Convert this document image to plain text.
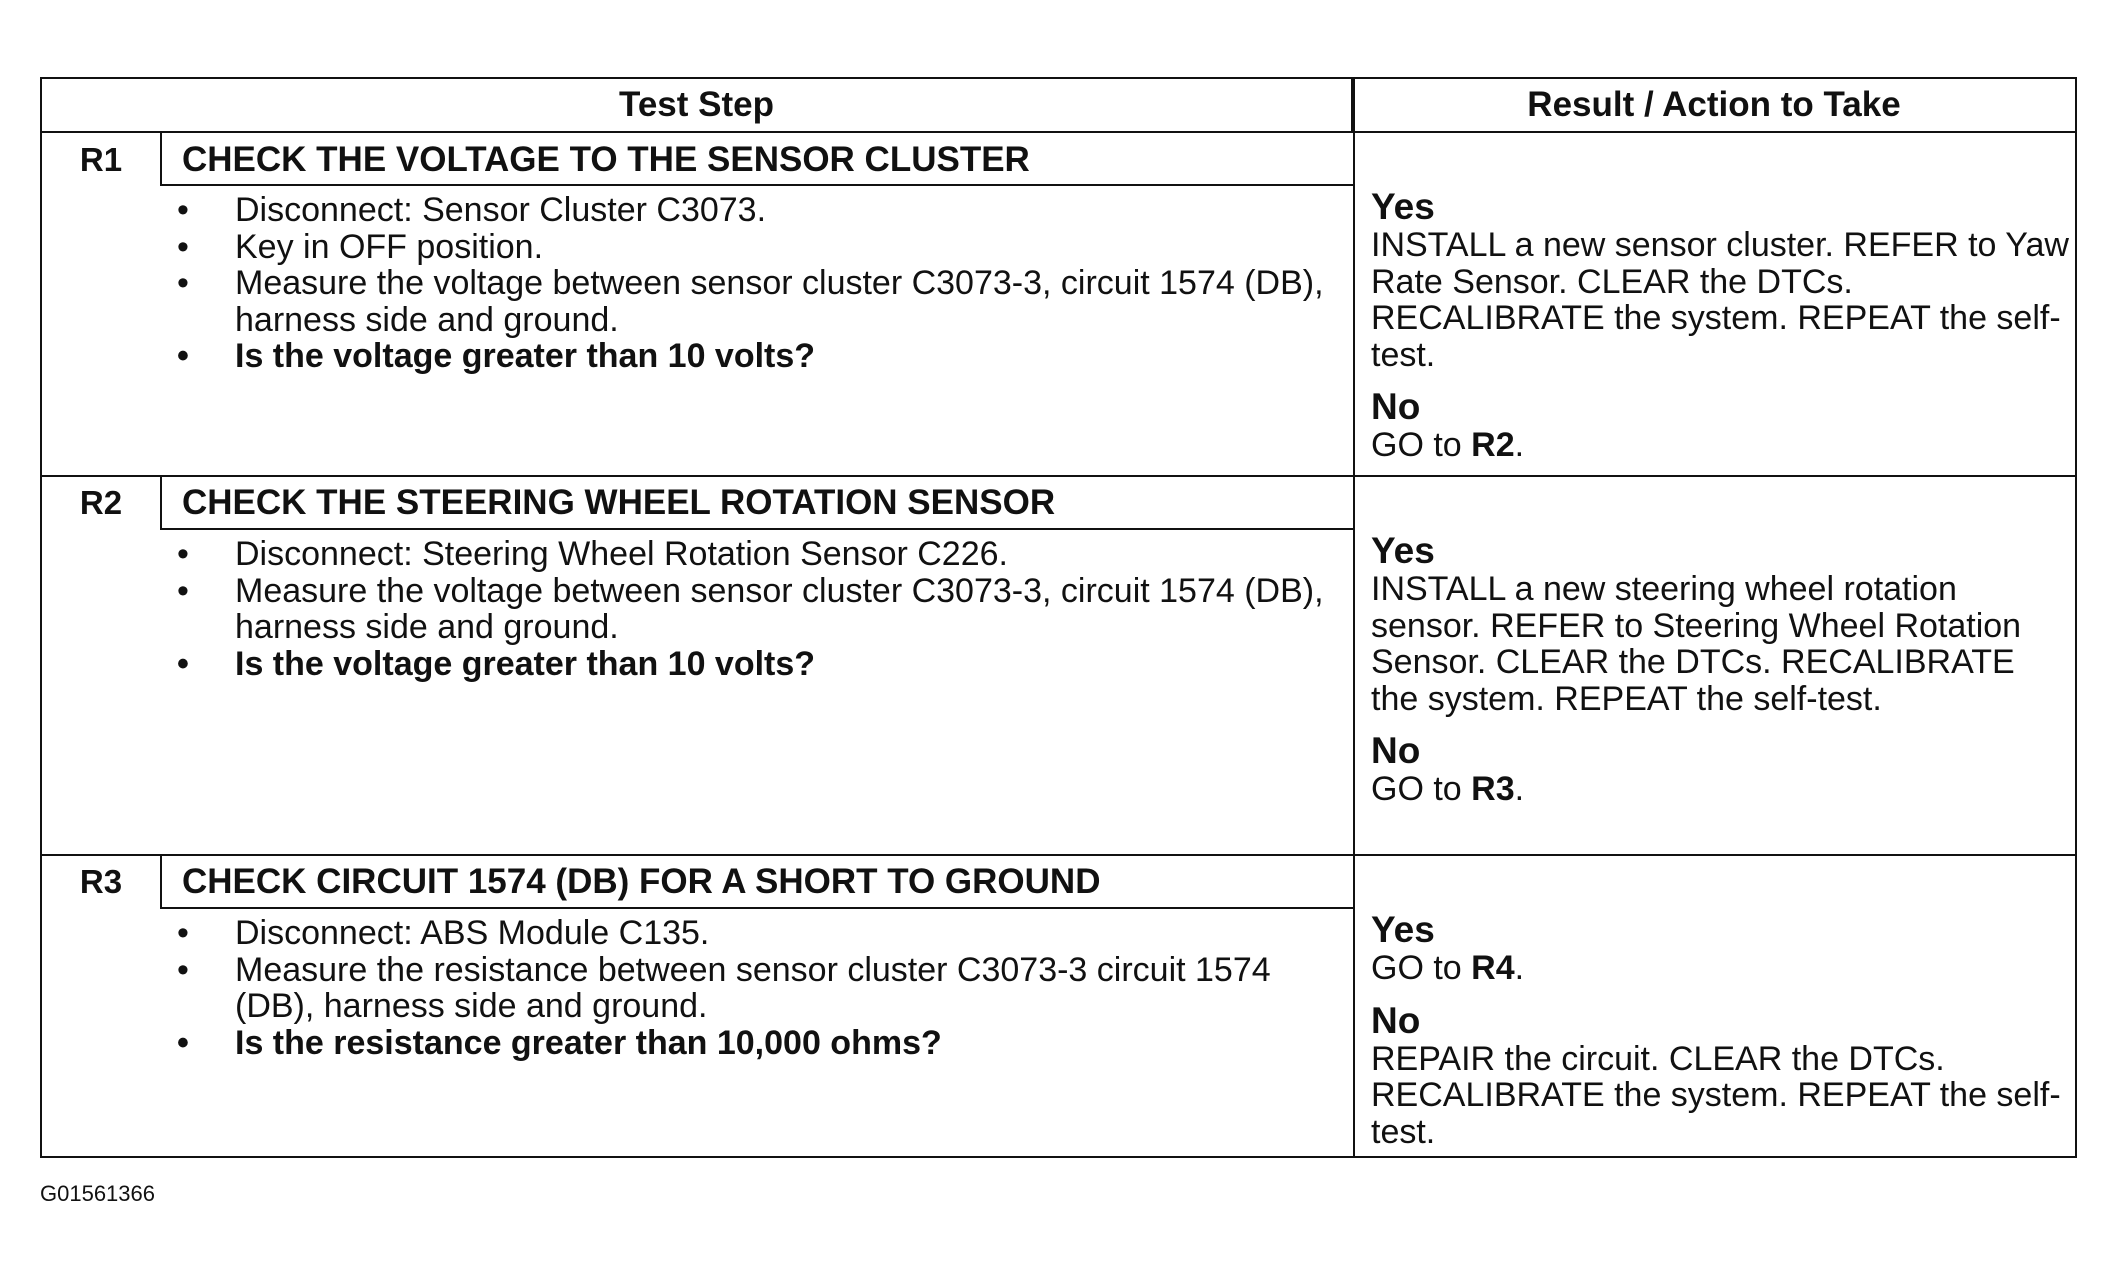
Test Step	Result / Action to Take
R1	CHECK THE VOLTAGE TO THE SENSOR CLUSTER
• Disconnect: Sensor Cluster C3073.
• Key in OFF position.
• Measure the voltage between sensor cluster C3073-3, circuit 1574 (DB), harness side and ground.
• Is the voltage greater than 10 volts?
Yes
INSTALL a new sensor cluster. REFER to Yaw Rate Sensor. CLEAR the DTCs. RECALIBRATE the system. REPEAT the self-test.
No
GO to R2.
R2	CHECK THE STEERING WHEEL ROTATION SENSOR
• Disconnect: Steering Wheel Rotation Sensor C226.
• Measure the voltage between sensor cluster C3073-3, circuit 1574 (DB), harness side and ground.
• Is the voltage greater than 10 volts?
Yes
INSTALL a new steering wheel rotation sensor. REFER to Steering Wheel Rotation Sensor. CLEAR the DTCs. RECALIBRATE the system. REPEAT the self-test.
No
GO to R3.
R3	CHECK CIRCUIT 1574 (DB) FOR A SHORT TO GROUND
• Disconnect: ABS Module C135.
• Measure the resistance between sensor cluster C3073-3 circuit 1574 (DB), harness side and ground.
• Is the resistance greater than 10,000 ohms?
Yes
GO to R4.
No
REPAIR the circuit. CLEAR the DTCs. RECALIBRATE the system. REPEAT the self-test.
G01561366
